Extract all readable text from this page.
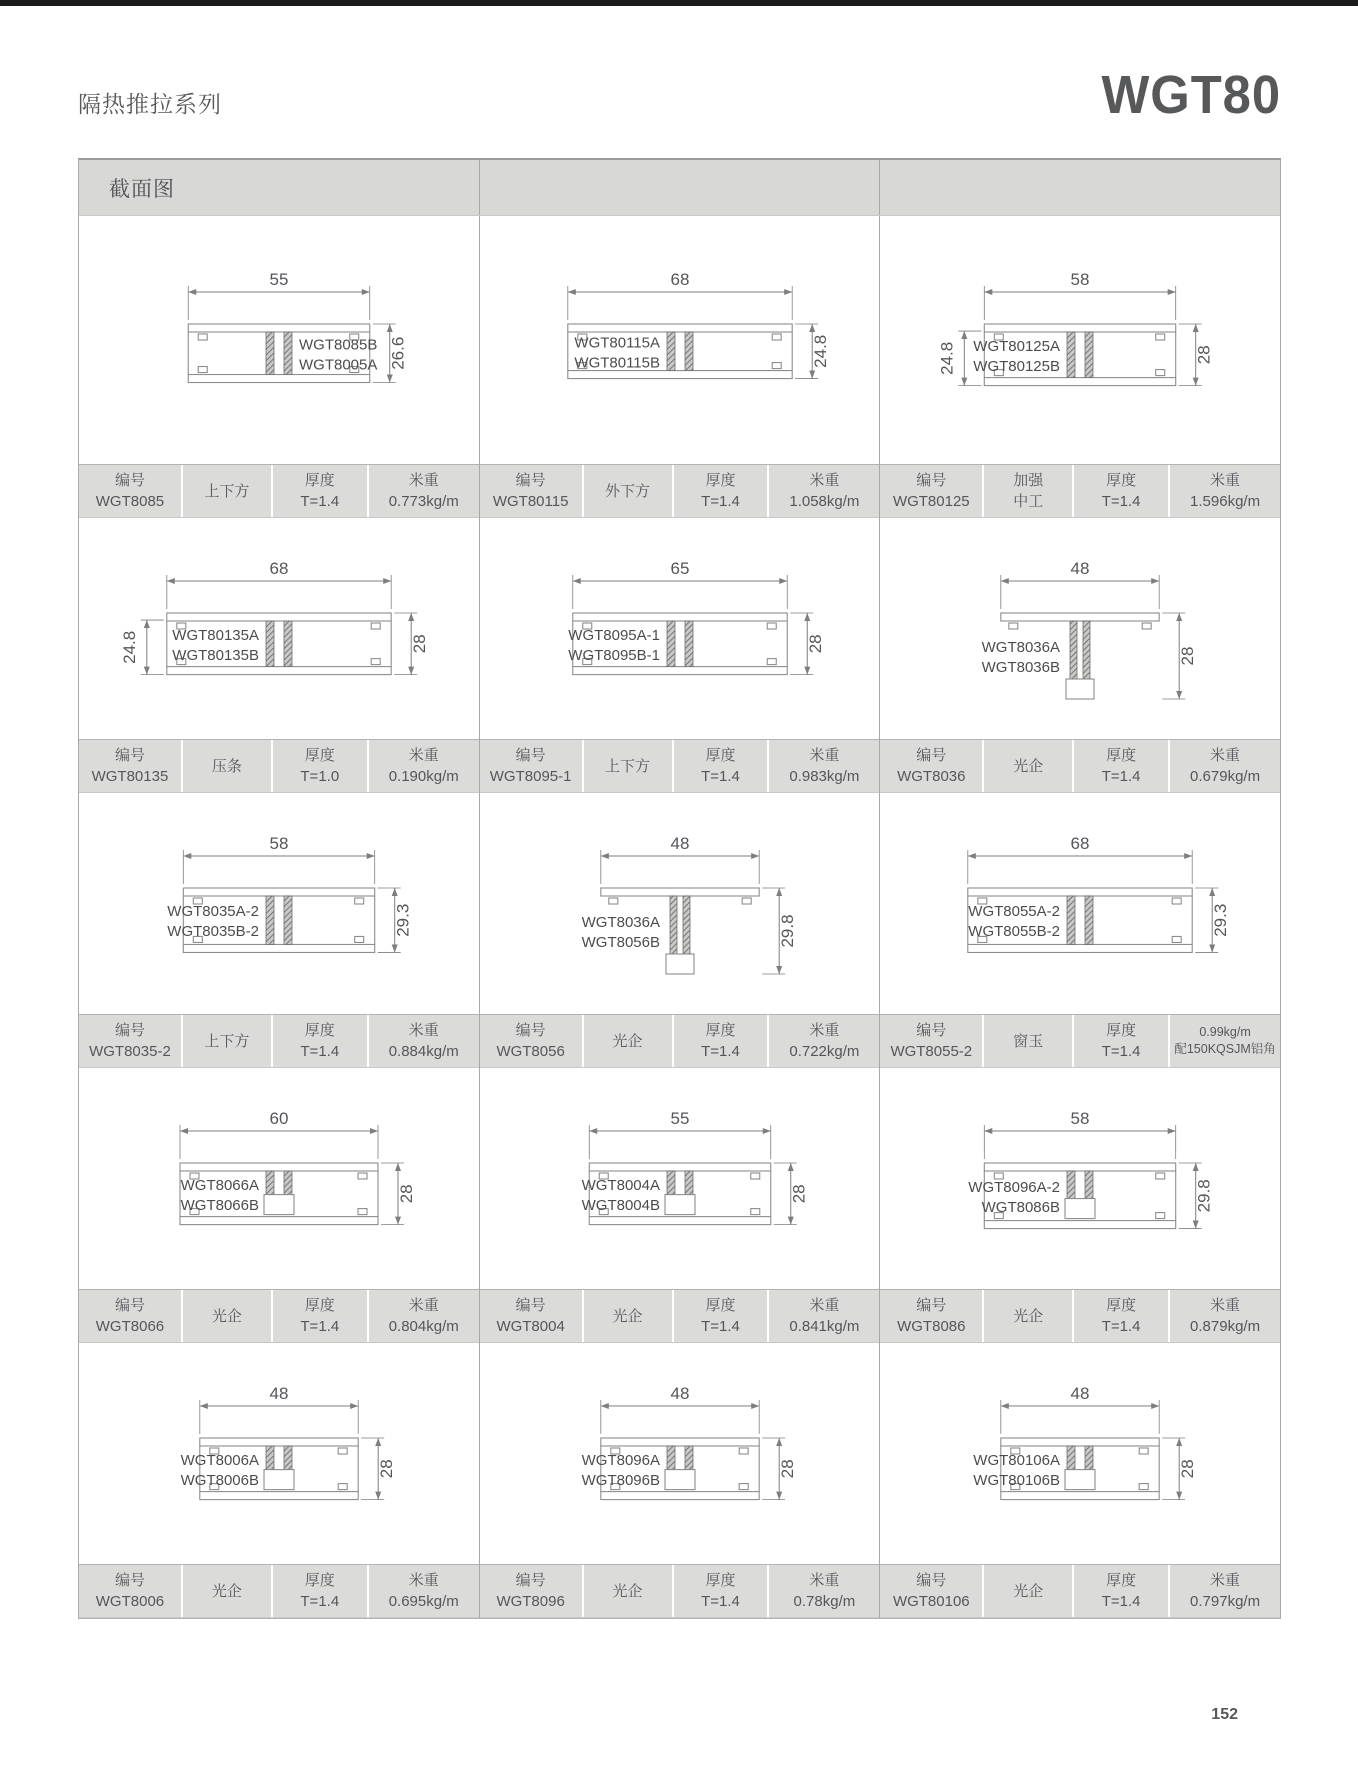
隔热推拉系列	WGT80
截面图
55
26.6
WGT8085B
WGT8005A
编号
WGT8085
上下方
厚度
T=1.4
米重
0.773kg/m
68
24.8
WGT80115A
WGT80115B
编号
WGT80115
外下方
厚度
T=1.4
米重
1.058kg/m
58
28
24.8 WGT80125A
WGT80125B
编号
WGT80125
加强
中工
厚度
T=1.4
米重
1.596kg/m
68
28
24.8 WGT80135A
WGT80135B
编号
WGT80135
压条
厚度
T=1.0
米重
0.190kg/m
65
28
WGT8095A-1
WGT8095B-1
编号
WGT8095-1
上下方
厚度
T=1.4
米重
0.983kg/m
48
28
WGT8036A
WGT8036B
编号
WGT8036
光企
厚度
T=1.4
米重
0.679kg/m
58
29.3
WGT8035A-2
WGT8035B-2
编号
WGT8035-2
上下方
厚度
T=1.4
米重
0.884kg/m
48
29.8
WGT8036A
WGT8056B
编号
WGT8056
光企
厚度
T=1.4
米重
0.722kg/m
68
29.3
WGT8055A-2
WGT8055B-2
编号
WGT8055-2
窗玉
厚度
T=1.4
0.99kg/m
配150KQSJM铝角
60
28
WGT8066A
WGT8066B
编号
WGT8066
光企
厚度
T=1.4
米重
0.804kg/m
55
28
WGT8004A
WGT8004B
编号
WGT8004
光企
厚度
T=1.4
米重
0.841kg/m
58
29.8
WGT8096A-2
WGT8086B
编号
WGT8086
光企
厚度
T=1.4
米重
0.879kg/m
48
28
WGT8006A
WGT8006B
编号
WGT8006
光企
厚度
T=1.4
米重
0.695kg/m
48
28
WGT8096A
WGT8096B
编号
WGT8096
光企
厚度
T=1.4
米重
0.78kg/m
48
28
WGT80106A
WGT80106B
编号
WGT80106
光企
厚度
T=1.4
米重
0.797kg/m
152
